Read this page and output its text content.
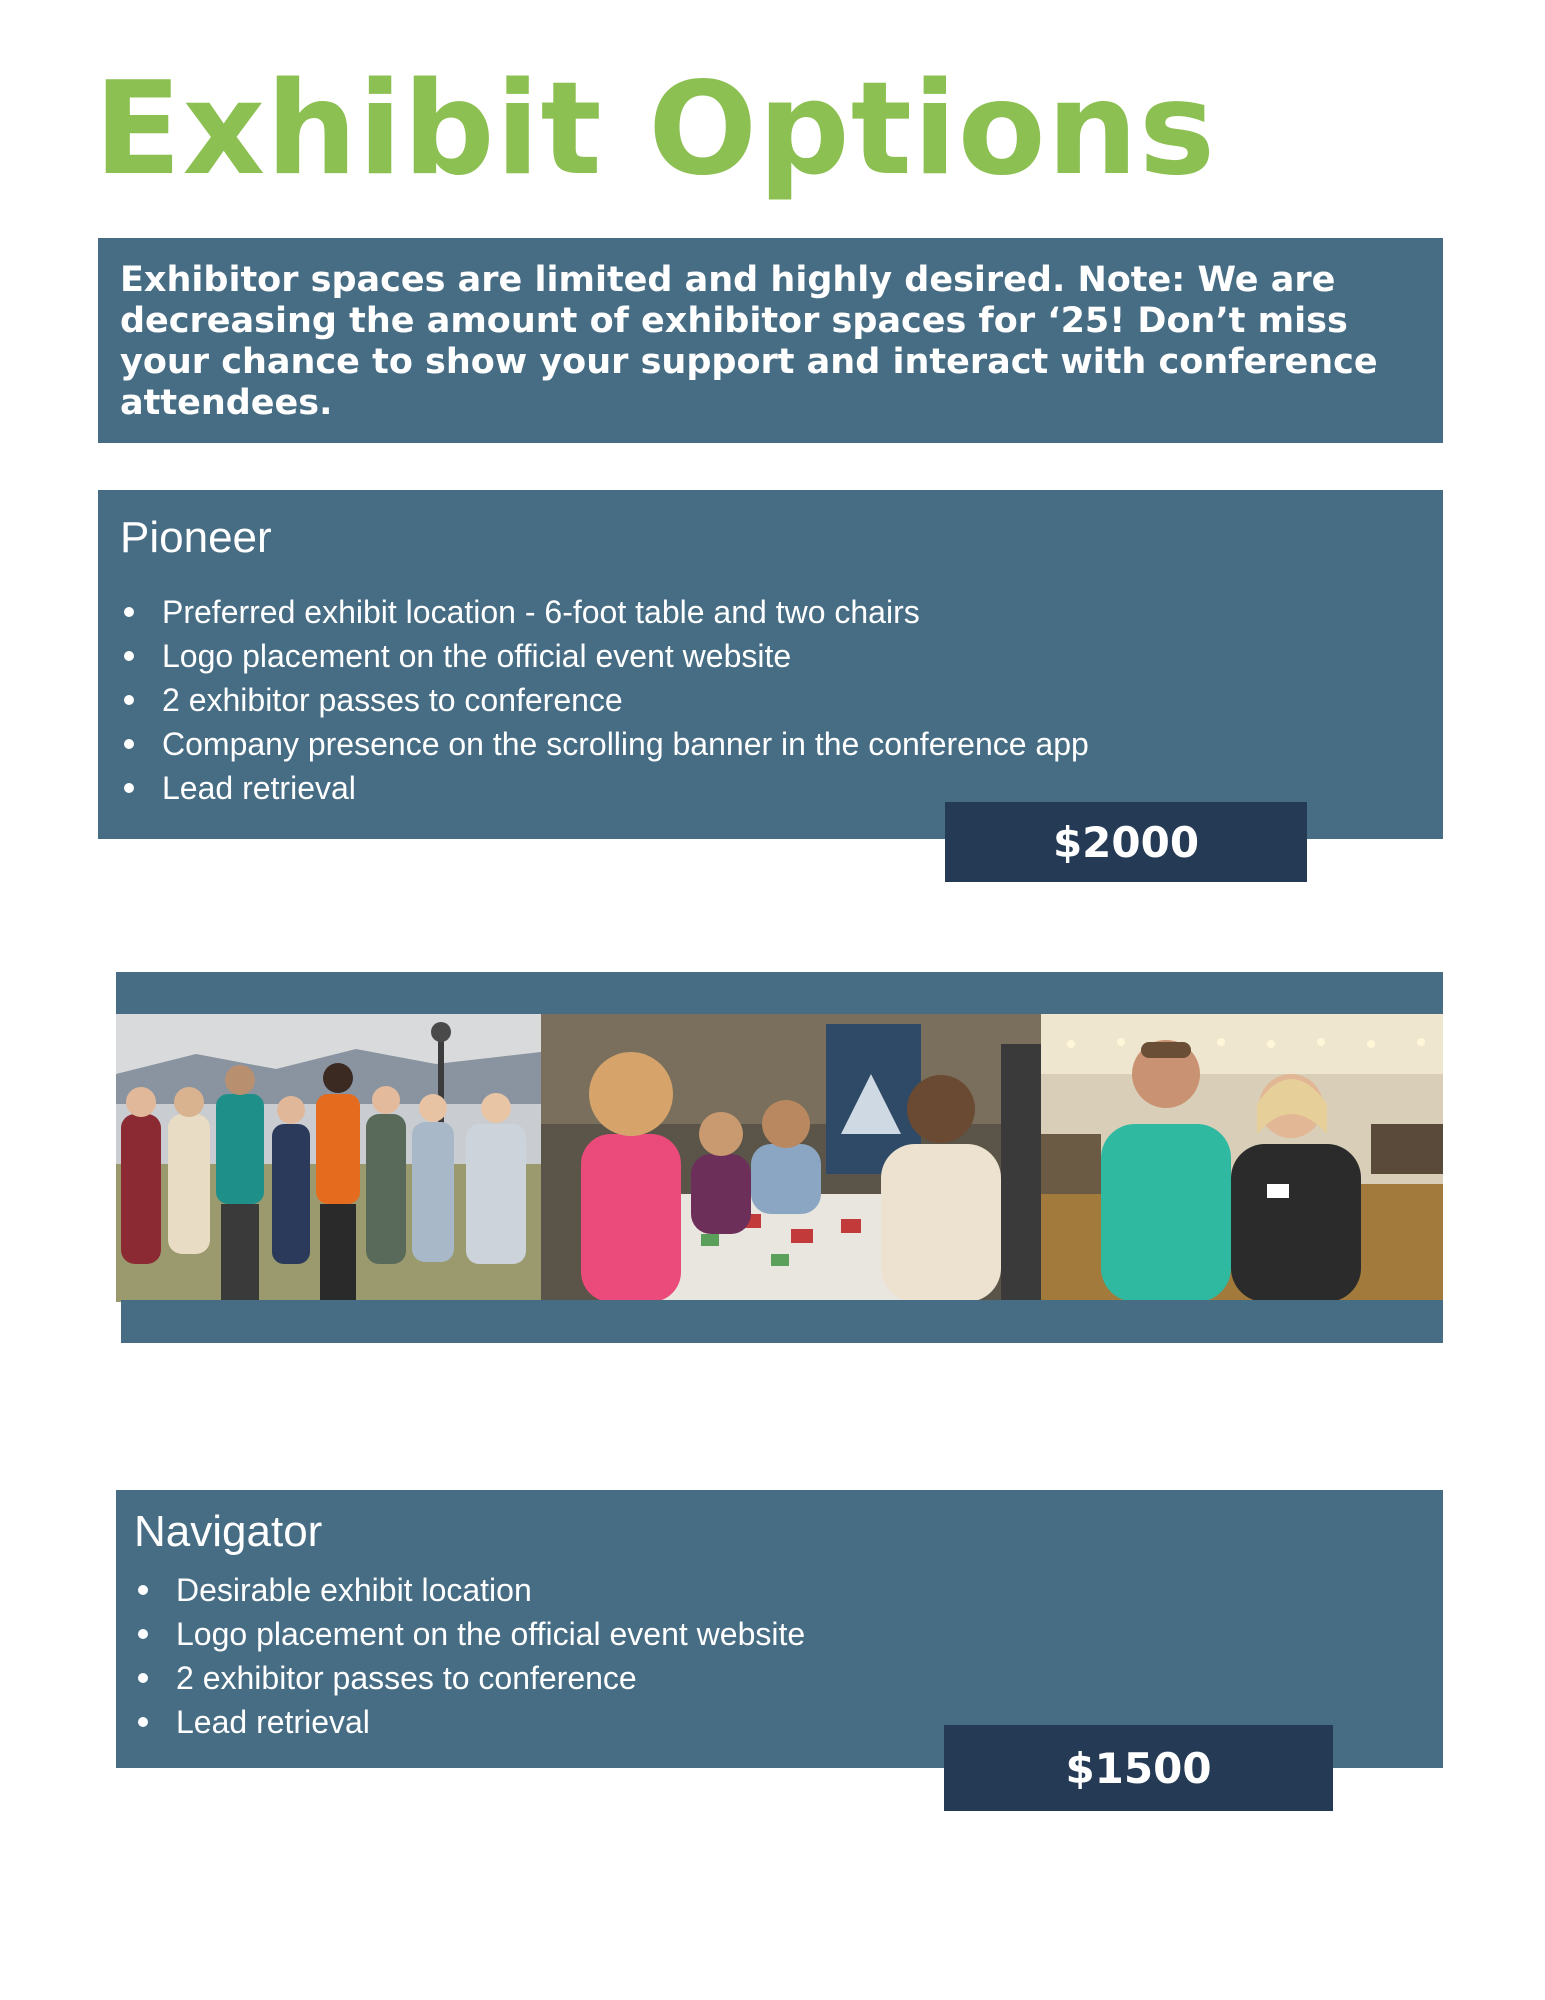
Exhibit Options

Exhibitor spaces are limited and highly desired. Note: We are decreasing the amount of exhibitor spaces for ‘25! Don’t miss your chance to show your support and interact with conference attendees.

Pioneer
Preferred exhibit location - 6-foot table and two chairs
Logo placement on the official event website
2 exhibitor passes to conference
Company presence on the scrolling banner in the conference app
Lead retrieval
$2000
Navigator
Desirable exhibit location
Logo placement on the official event website
2 exhibitor passes to conference
Lead retrieval
$1500
